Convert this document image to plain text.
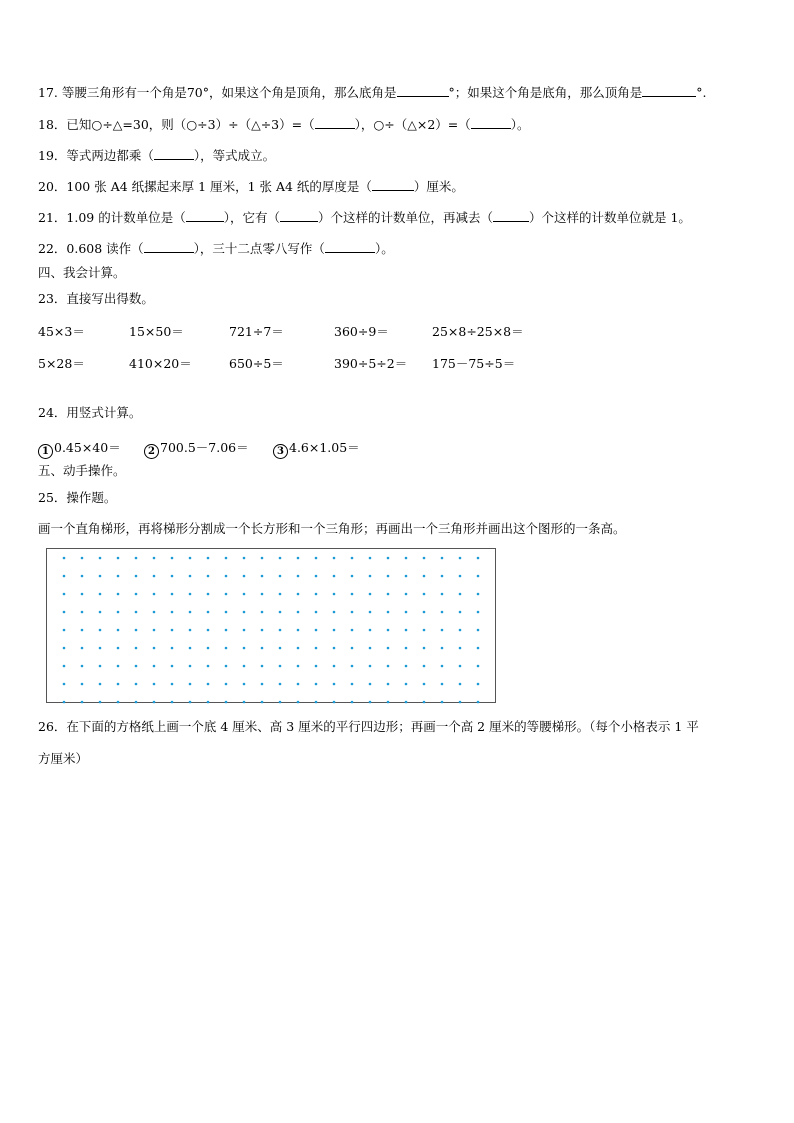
17. 等腰三角形有一个角是70°，如果这个角是顶角，那么底角是	°；如果这个角是底角，那么顶角是	°.
18．已知○÷△=30，则（○÷3）÷（△÷3）=（	），○÷（△×2）=（	）。
19．等式两边都乘（	），等式成立。
20．100 张 A4 纸摞起来厚 1 厘米，1 张 A4 纸的厚度是（	）厘米。
21．1.09 的计数单位是（	），它有（	）个这样的计数单位，再减去（	）个这样的计数单位就是 1。
22．0.608 读作（	），三十二点零八写作（	）。
四、我会计算。
23．直接写出得数。
45×3＝	15×50＝	721÷7＝	360÷9＝	25×8÷25×8＝
5×28＝	410×20＝	650÷5＝	390÷5÷2＝ 175－75÷5＝
24．用竖式计算。
1 0.45×40＝	2 700.5－7.06＝	3 4.6×1.05＝
五、动手操作。
25．操作题。
画一个直角梯形，再将梯形分割成一个长方形和一个三角形；再画出一个三角形并画出这个图形的一条高。
26．在下面的方格纸上画一个底 4 厘米、高 3 厘米的平行四边形；再画一个高 2 厘米的等腰梯形。（每个小格表示 1 平
方厘米）
